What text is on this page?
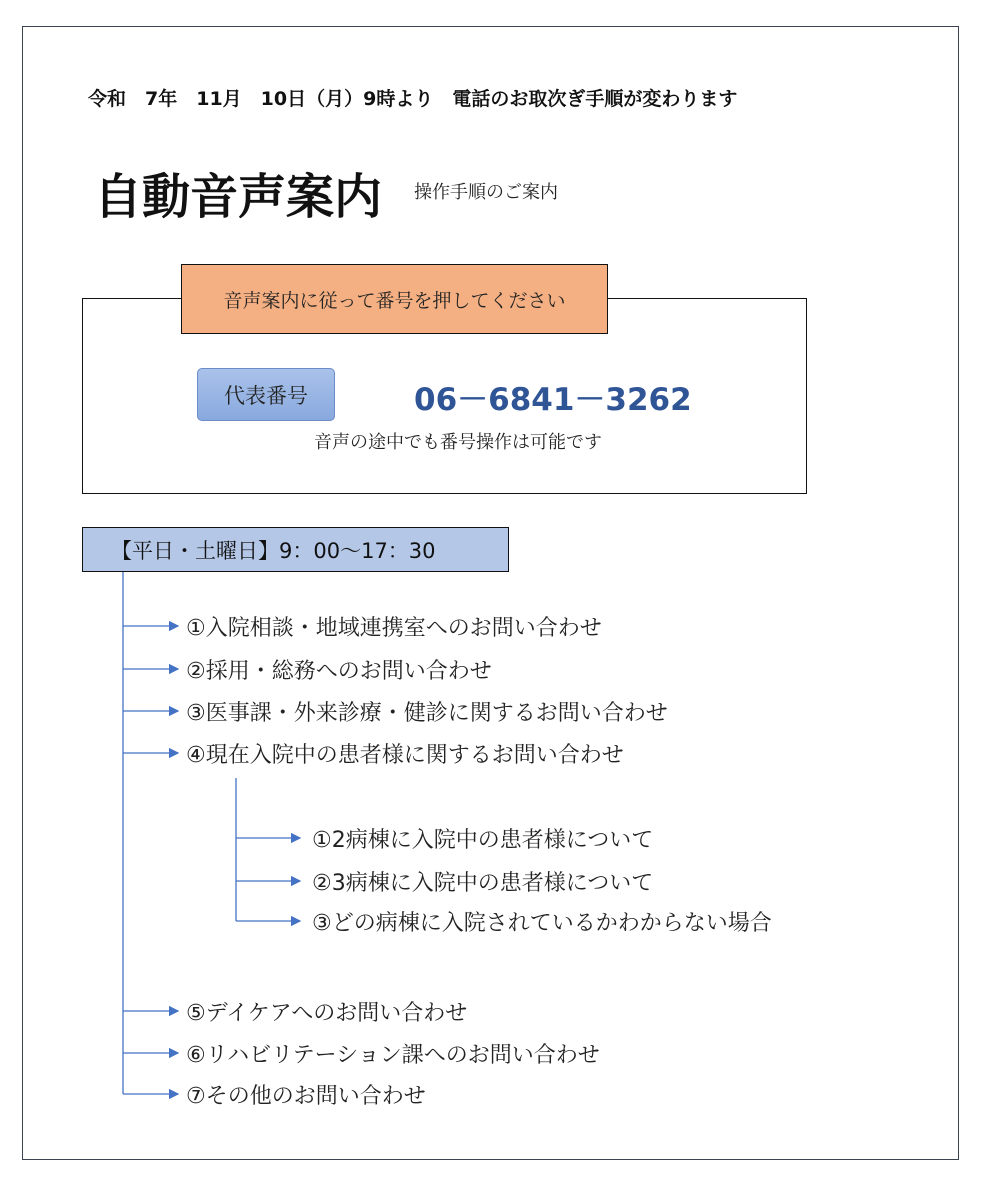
令和　7年　11月　10日（月）9時より　電話のお取次ぎ手順が変わります
自動音声案内 操作手順のご案内
音声案内に従って番号を押してください
代表番号	06－6841－3262
音声の途中でも番号操作は可能です
【平日・土曜日】9：00〜17：30
①入院相談・地域連携室へのお問い合わせ
②採用・総務へのお問い合わせ
③医事課・外来診療・健診に関するお問い合わせ
④現在入院中の患者様に関するお問い合わせ
①2病棟に入院中の患者様について
②3病棟に入院中の患者様について
③どの病棟に入院されているかわからない場合
⑤デイケアへのお問い合わせ
⑥リハビリテーション課へのお問い合わせ
⑦その他のお問い合わせ
